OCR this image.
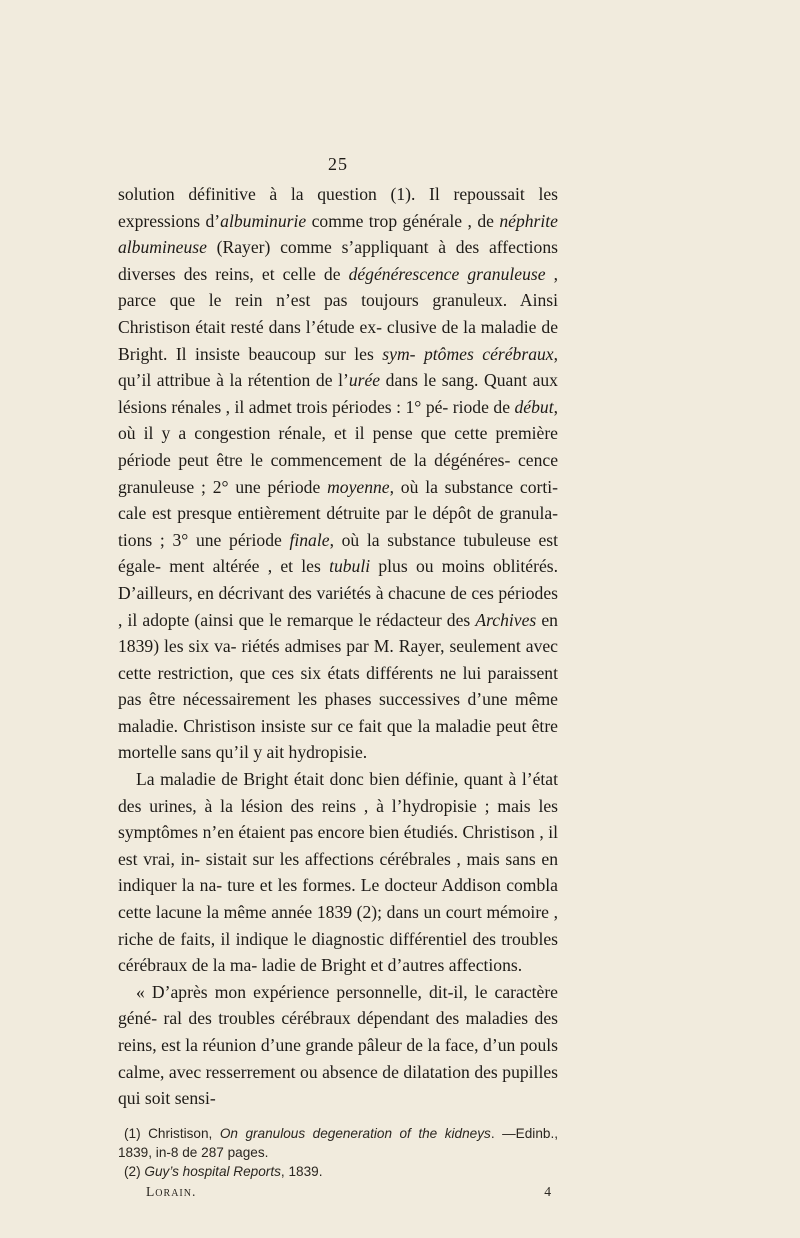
25

solution définitive à la question (1). Il repoussait les expressions d’albuminurie comme trop générale , de néphrite albumineuse (Rayer) comme s’appliquant à des affections diverses des reins, et celle de dégénérescence granuleuse , parce que le rein n’est pas toujours granuleux. Ainsi Christison était resté dans l’étude ex- clusive de la maladie de Bright. Il insiste beaucoup sur les sym- ptômes cérébraux, qu’il attribue à la rétention de l’urée dans le sang. Quant aux lésions rénales , il admet trois périodes : 1° pé- riode de début, où il y a congestion rénale, et il pense que cette première période peut être le commencement de la dégénéres- cence granuleuse ; 2° une période moyenne, où la substance corti- cale est presque entièrement détruite par le dépôt de granula- tions ; 3° une période finale, où la substance tubuleuse est égale- ment altérée , et les tubuli plus ou moins oblitérés. D’ailleurs, en décrivant des variétés à chacune de ces périodes , il adopte (ainsi que le remarque le rédacteur des Archives en 1839) les six va- riétés admises par M. Rayer, seulement avec cette restriction, que ces six états différents ne lui paraissent pas être nécessairement les phases successives d’une même maladie. Christison insiste sur ce fait que la maladie peut être mortelle sans qu’il y ait hydropisie.

La maladie de Bright était donc bien définie, quant à l’état des urines, à la lésion des reins , à l’hydropisie ; mais les symptômes n’en étaient pas encore bien étudiés. Christison , il est vrai, in- sistait sur les affections cérébrales , mais sans en indiquer la na- ture et les formes. Le docteur Addison combla cette lacune la même année 1839 (2); dans un court mémoire , riche de faits, il indique le diagnostic différentiel des troubles cérébraux de la ma- ladie de Bright et d’autres affections.

« D’après mon expérience personnelle, dit-il, le caractère géné- ral des troubles cérébraux dépendant des maladies des reins, est la réunion d’une grande pâleur de la face, d’un pouls calme, avec resserrement ou absence de dilatation des pupilles qui soit sensi-

(1) Christison, On granulous degeneration of the kidneys. —Edinb., 1839, in-8 de 287 pages.

(2) Guy’s hospital Reports, 1839.

Lorain.	4
